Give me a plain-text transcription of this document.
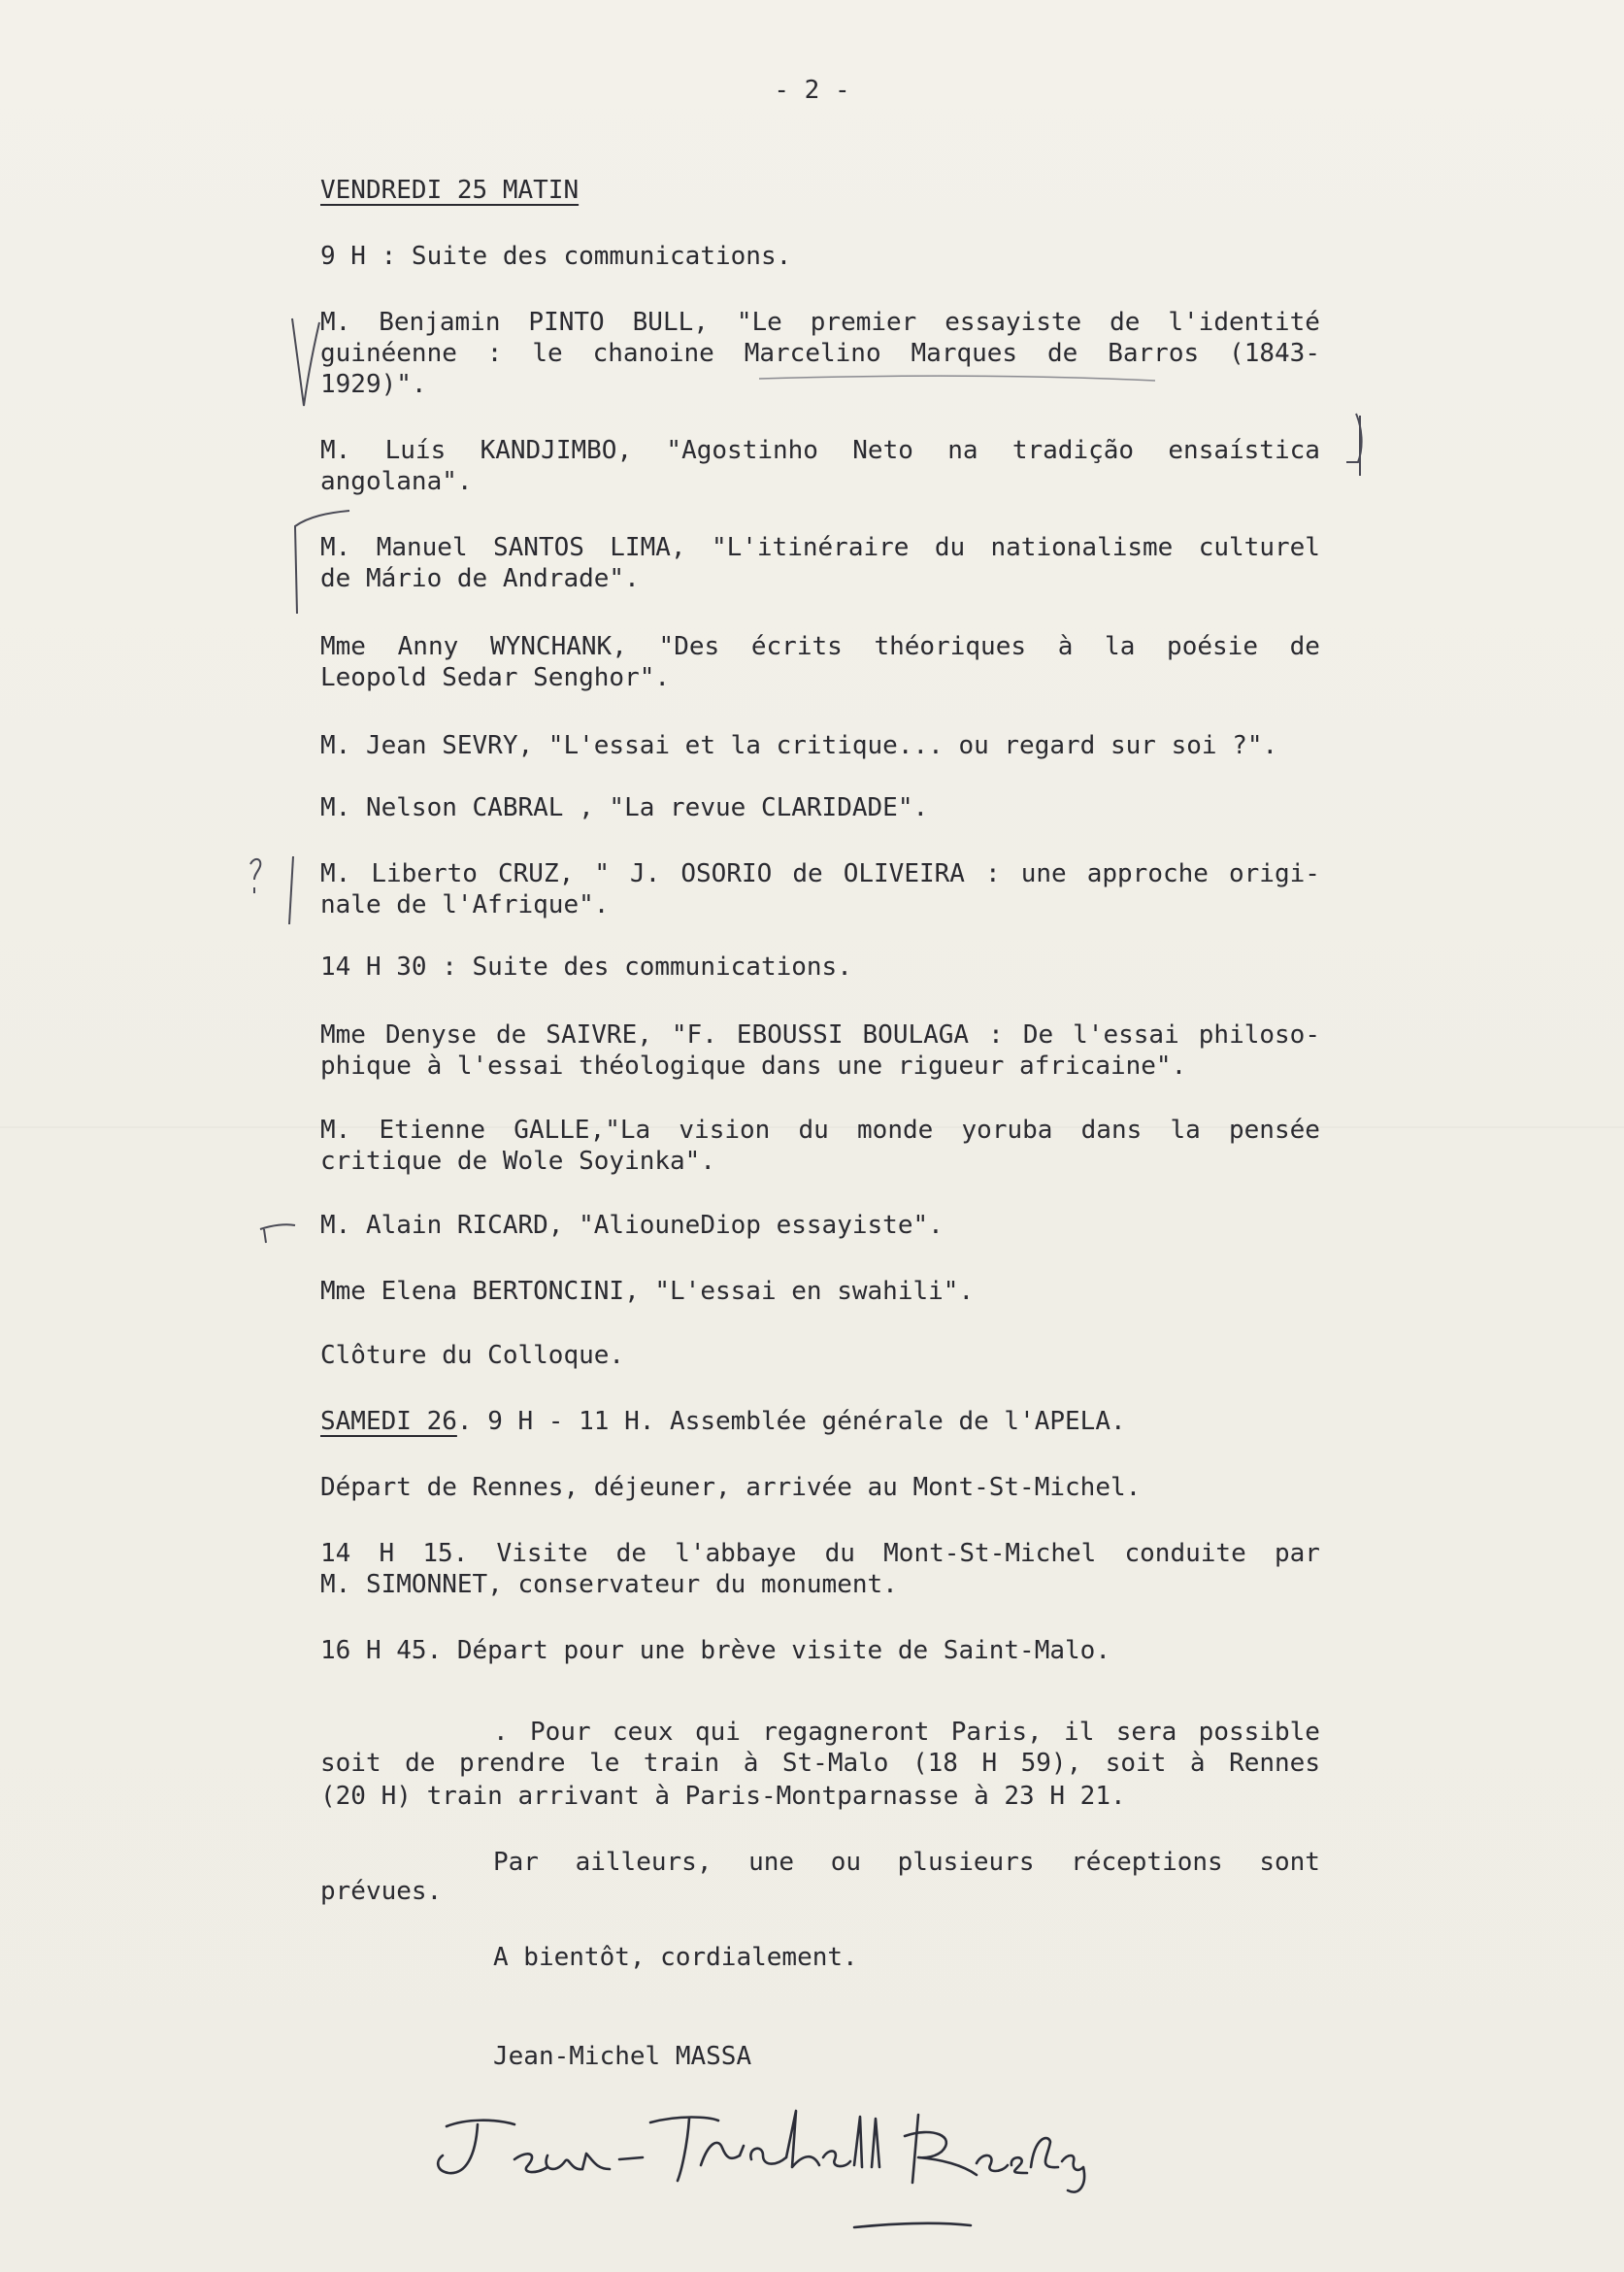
- 2 -
VENDREDI 25 MATIN
9 H : Suite des communications.
M. Benjamin PINTO BULL, "Le premier essayiste de l'identité
guinéenne : le chanoine Marcelino Marques de Barros (1843-
1929)".
M. Luís KANDJIMBO, "Agostinho Neto na tradição ensaística
angolana".
M. Manuel SANTOS LIMA, "L'itinéraire du nationalisme culturel
de Mário de Andrade".
Mme Anny WYNCHANK, "Des écrits théoriques à la poésie de
Leopold Sedar Senghor".
M. Jean SEVRY, "L'essai et la critique... ou regard sur soi ?".
M. Nelson CABRAL , "La revue CLARIDADE".
M. Liberto CRUZ, " J. OSORIO de OLIVEIRA : une approche origi-
nale de l'Afrique".
14 H 30 : Suite des communications.
Mme Denyse de SAIVRE, "F. EBOUSSI BOULAGA : De l'essai philoso-
phique à l'essai théologique dans une rigueur africaine".
M. Etienne GALLE,"La vision du monde yoruba dans la pensée
critique de Wole Soyinka".
M. Alain RICARD, "AliouneDiop essayiste".
Mme Elena BERTONCINI, "L'essai en swahili".
Clôture du Colloque.
SAMEDI 26. 9 H - 11 H. Assemblée générale de l'APELA.
Départ de Rennes, déjeuner, arrivée au Mont-St-Michel.
14 H 15. Visite de l'abbaye du Mont-St-Michel conduite par
M. SIMONNET, conservateur du monument.
16 H 45. Départ pour une brève visite de Saint-Malo.
. Pour ceux qui regagneront Paris, il sera possible
soit de prendre le train à St-Malo (18 H 59), soit à Rennes
(20 H) train arrivant à Paris-Montparnasse à 23 H 21.
Par ailleurs, une ou plusieurs réceptions sont
prévues.
A bientôt, cordialement.
Jean-Michel MASSA
